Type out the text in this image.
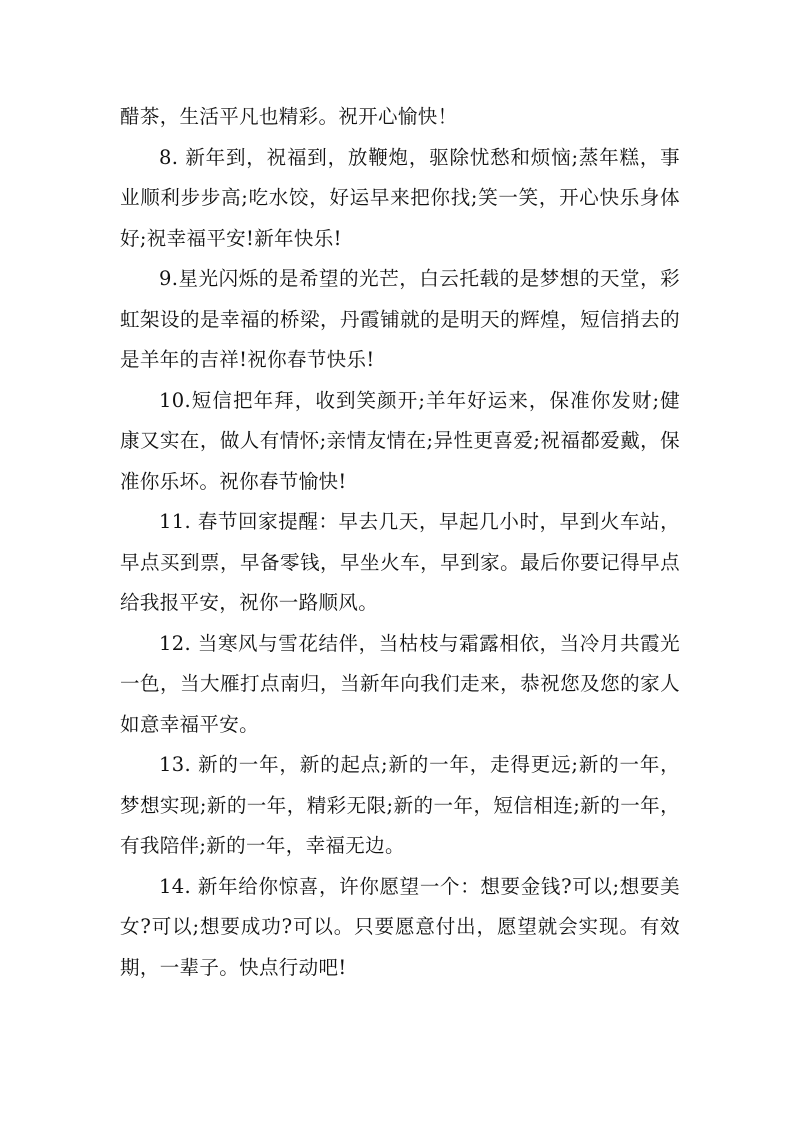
醋茶，生活平凡也精彩。祝开心愉快！

8. 新年到，祝福到，放鞭炮，驱除忧愁和烦恼;蒸年糕，事业顺利步步高;吃水饺，好运早来把你找;笑一笑，开心快乐身体好;祝幸福平安!新年快乐!

9.星光闪烁的是希望的光芒，白云托载的是梦想的天堂，彩虹架设的是幸福的桥梁，丹霞铺就的是明天的辉煌，短信捎去的是羊年的吉祥!祝你春节快乐!

10.短信把年拜，收到笑颜开;羊年好运来，保准你发财;健康又实在，做人有情怀;亲情友情在;异性更喜爱;祝福都爱戴，保准你乐坏。祝你春节愉快!

11. 春节回家提醒：早去几天，早起几小时，早到火车站，早点买到票，早备零钱，早坐火车，早到家。最后你要记得早点给我报平安，祝你一路顺风。

12. 当寒风与雪花结伴，当枯枝与霜露相依，当冷月共霞光一色，当大雁打点南归，当新年向我们走来，恭祝您及您的家人如意幸福平安。

13. 新的一年，新的起点;新的一年，走得更远;新的一年，梦想实现;新的一年，精彩无限;新的一年，短信相连;新的一年，有我陪伴;新的一年，幸福无边。

14. 新年给你惊喜，许你愿望一个：想要金钱?可以;想要美女?可以;想要成功?可以。只要愿意付出，愿望就会实现。有效期，一辈子。快点行动吧!
